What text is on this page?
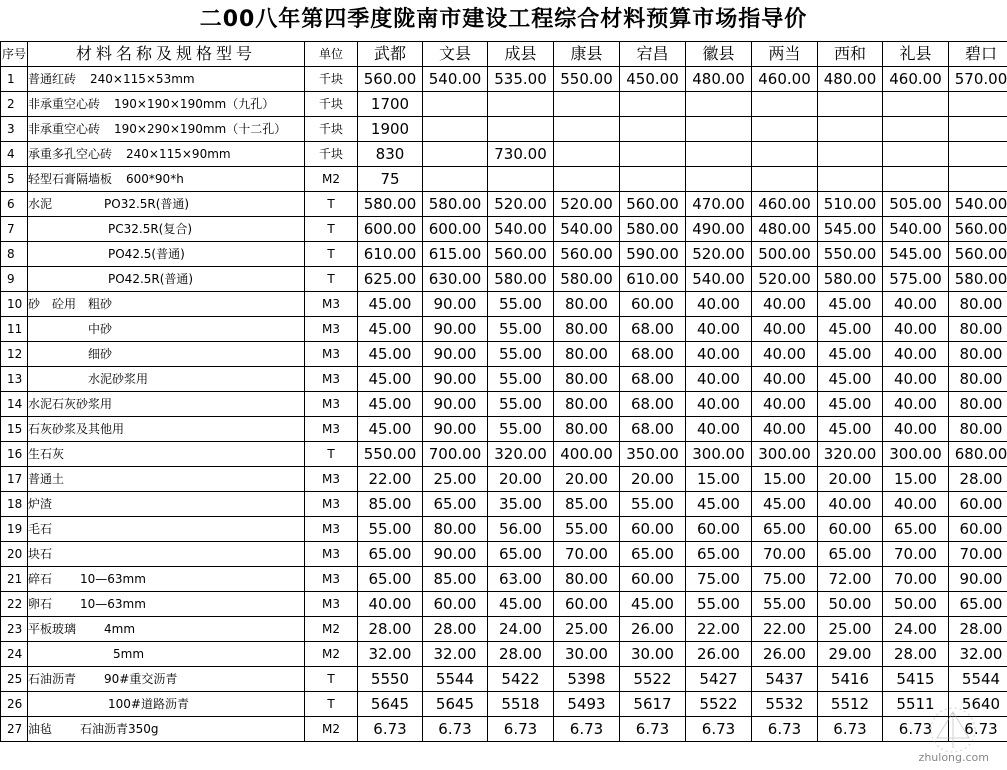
二00八年第四季度陇南市建设工程综合材料预算市场指导价
序号	材料名称及规格型号	单位	武都	文县	成县	康县	宕昌	徽县	两当	西和	礼县	碧口
1	普通红砖 240×115×53mm	千块	560.00	540.00	535.00	550.00	450.00	480.00	460.00	480.00	460.00	570.00
2	非承重空心砖 190×190×190mm（九孔）	千块	1700									
3	非承重空心砖 190×290×190mm（十二孔）	千块	1900									
4	承重多孔空心砖 240×115×90mm	千块	830		730.00							
5	轻型石膏隔墙板 600*90*h	M2	75									
6	水泥 PO32.5R(普通)	T	580.00	580.00	520.00	520.00	560.00	470.00	460.00	510.00	505.00	540.00
7	PC32.5R(复合)	T	600.00	600.00	540.00	540.00	580.00	490.00	480.00	545.00	540.00	560.00
8	PO42.5(普通)	T	610.00	615.00	560.00	560.00	590.00	520.00	500.00	550.00	545.00	560.00
9	PO42.5R(普通)	T	625.00	630.00	580.00	580.00	610.00	540.00	520.00	580.00	575.00	580.00
10	砂　砼用　粗砂	M3	45.00	90.00	55.00	80.00	60.00	40.00	40.00	45.00	40.00	80.00
11	中砂	M3	45.00	90.00	55.00	80.00	68.00	40.00	40.00	45.00	40.00	80.00
12	细砂	M3	45.00	90.00	55.00	80.00	68.00	40.00	40.00	45.00	40.00	80.00
13	水泥砂浆用	M3	45.00	90.00	55.00	80.00	68.00	40.00	40.00	45.00	40.00	80.00
14	水泥石灰砂浆用	M3	45.00	90.00	55.00	80.00	68.00	40.00	40.00	45.00	40.00	80.00
15	石灰砂浆及其他用	M3	45.00	90.00	55.00	80.00	68.00	40.00	40.00	45.00	40.00	80.00
16	生石灰	T	550.00	700.00	320.00	400.00	350.00	300.00	300.00	320.00	300.00	680.00
17	普通土	M3	22.00	25.00	20.00	20.00	20.00	15.00	15.00	20.00	15.00	28.00
18	炉渣	M3	85.00	65.00	35.00	85.00	55.00	45.00	45.00	40.00	40.00	60.00
19	毛石	M3	55.00	80.00	56.00	55.00	60.00	60.00	65.00	60.00	65.00	60.00
20	块石	M3	65.00	90.00	65.00	70.00	65.00	65.00	70.00	65.00	70.00	70.00
21	碎石 10—63mm	M3	65.00	85.00	63.00	80.00	60.00	75.00	75.00	72.00	70.00	90.00
22	卵石 10—63mm	M3	40.00	60.00	45.00	60.00	45.00	55.00	55.00	50.00	50.00	65.00
23	平板玻璃 4mm	M2	28.00	28.00	24.00	25.00	26.00	22.00	22.00	25.00	24.00	28.00
24	5mm	M2	32.00	32.00	28.00	30.00	30.00	26.00	26.00	29.00	28.00	32.00
25	石油沥青 90#重交沥青	T	5550	5544	5422	5398	5522	5427	5437	5416	5415	5544
26	100#道路沥青	T	5645	5645	5518	5493	5617	5522	5532	5512	5511	5640
27	油毡 石油沥青350g	M2	6.73	6.73	6.73	6.73	6.73	6.73	6.73	6.73	6.73	6.73
zhulong.com
